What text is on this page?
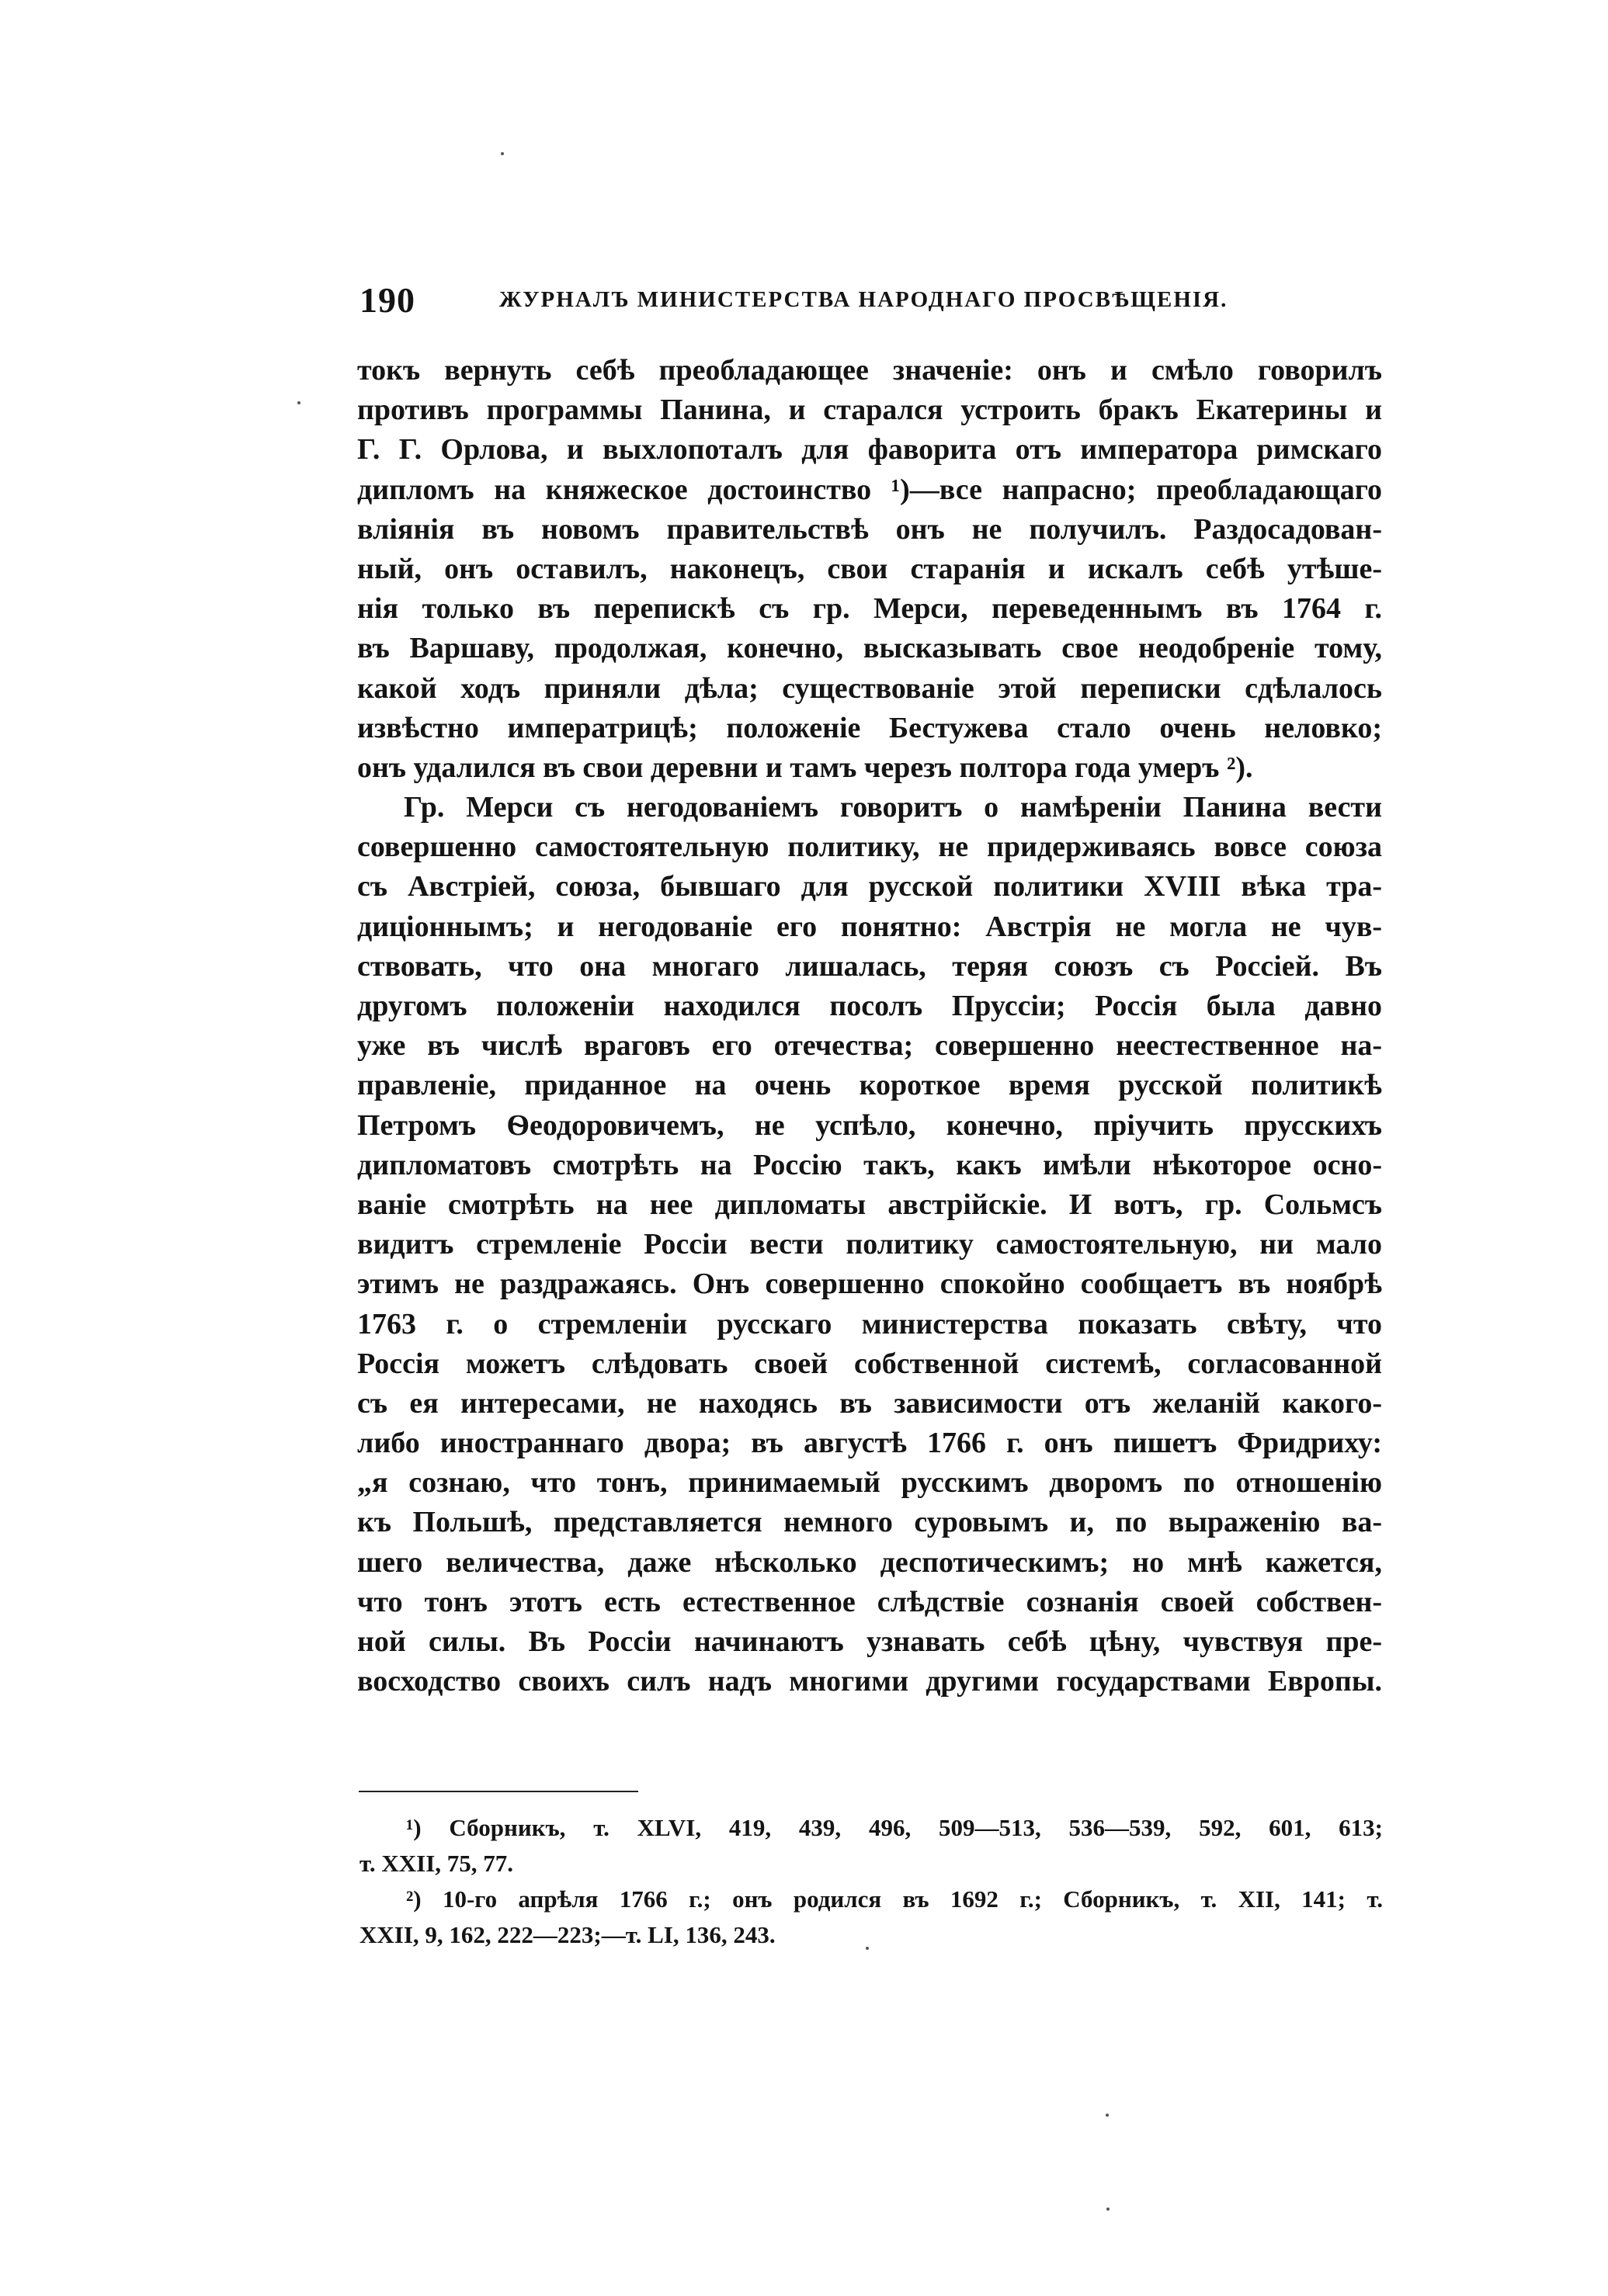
190	ЖУРНАЛЪ МИНИСТЕРСТВА НАРОДНАГО ПРОСВѢЩЕНІЯ.
токъ вернуть себѣ преобладающее значеніе: онъ и смѣло говорилъ
противъ программы Панина, и старался устроить бракъ Екатерины и
Г. Г. Орлова, и выхлопоталъ для фаворита отъ императора римскаго
дипломъ на княжеское достоинство ¹)—все напрасно; преобладающаго
вліянія въ новомъ правительствѣ онъ не получилъ. Раздосадован-
ный, онъ оставилъ, наконецъ, свои старанія и искалъ себѣ утѣше-
нія только въ перепискѣ съ гр. Мерси, переведеннымъ въ 1764 г.
въ Варшаву, продолжая, конечно, высказывать свое неодобреніе тому,
какой ходъ приняли дѣла; существованіе этой переписки сдѣлалось
извѣстно императрицѣ; положеніе Бестужева стало очень неловко;
онъ удалился въ свои деревни и тамъ черезъ полтора года умеръ ²).
Гр. Мерси съ негодованіемъ говоритъ о намѣреніи Панина вести
совершенно самостоятельную политику, не придерживаясь вовсе союза
съ Австріей, союза, бывшаго для русской политики XVIII вѣка тра-
диціоннымъ; и негодованіе его понятно: Австрія не могла не чув-
ствовать, что она многаго лишалась, теряя союзъ съ Россіей. Въ
другомъ положеніи находился посолъ Пруссіи; Россія была давно
уже въ числѣ враговъ его отечества; совершенно неестественное на-
правленіе, приданное на очень короткое время русской политикѣ
Петромъ Ѳеодоровичемъ, не успѣло, конечно, пріучить прусскихъ
дипломатовъ смотрѣть на Россію такъ, какъ имѣли нѣкоторое осно-
ваніе смотрѣть на нее дипломаты австрійскіе. И вотъ, гр. Сольмсъ
видитъ стремленіе Россіи вести политику самостоятельную, ни мало
этимъ не раздражаясь. Онъ совершенно спокойно сообщаетъ въ ноябрѣ
1763 г. о стремленіи русскаго министерства показать свѣту, что
Россія можетъ слѣдовать своей собственной системѣ, согласованной
съ ея интересами, не находясь въ зависимости отъ желаній какого-
либо иностраннаго двора; въ августѣ 1766 г. онъ пишетъ Фридриху:
„я сознаю, что тонъ, принимаемый русскимъ дворомъ по отношенію
къ Польшѣ, представляется немного суровымъ и, по выраженію ва-
шего величества, даже нѣсколько деспотическимъ; но мнѣ кажется,
что тонъ этотъ есть естественное слѣдствіе сознанія своей собствен-
ной силы. Въ Россіи начинаютъ узнавать себѣ цѣну, чувствуя пре-
восходство своихъ силъ надъ многими другими государствами Европы.
¹) Сборникъ, т. XLVI, 419, 439, 496, 509—513, 536—539, 592, 601, 613;
т. XXII, 75, 77.
²) 10-го апрѣля 1766 г.; онъ родился въ 1692 г.; Сборникъ, т. XII, 141; т.
XXII, 9, 162, 222—223;—т. LI, 136, 243.
